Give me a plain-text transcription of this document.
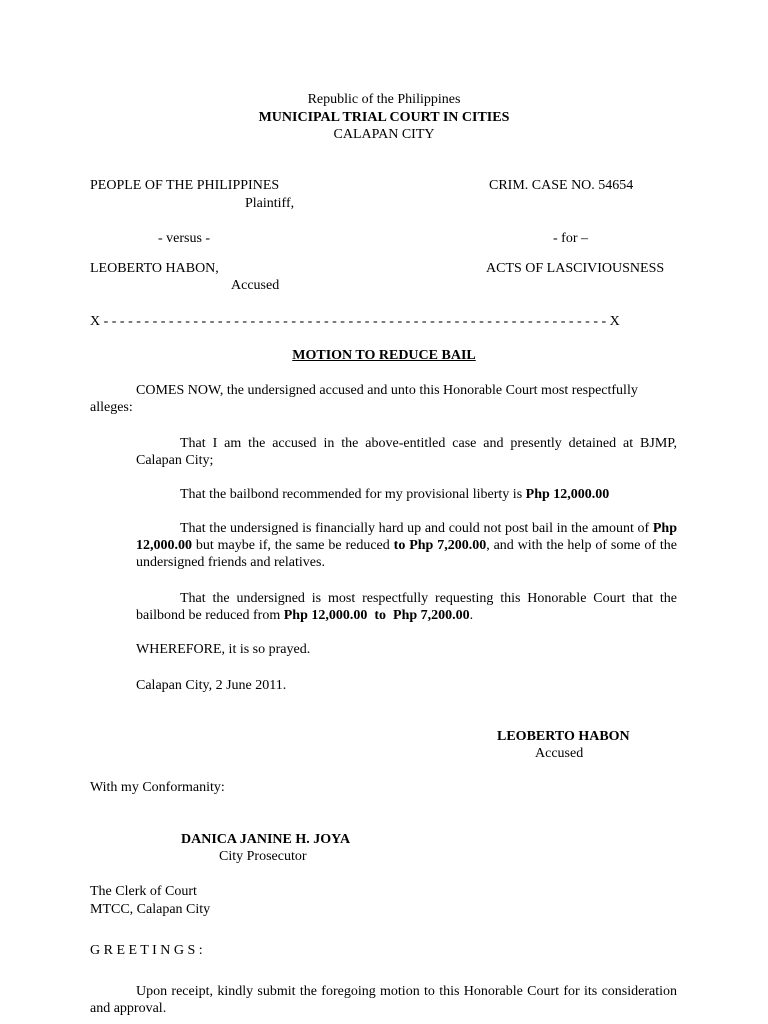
Republic of the Philippines
MUNICIPAL TRIAL COURT IN CITIES
CALAPAN CITY
PEOPLE OF THE PHILIPPINES
Plaintiff,
CRIM. CASE NO. 54654
- versus -	- for –
LEOBERTO HABON,
Accused
ACTS OF LASCIVIOUSNESS
X - - - - - - - - - - - - - - - - - - - - - - - - - - - - - - - - - - - - - - - - - - - - - - - - - - - - - - - - - - - - - - X
MOTION TO REDUCE BAIL
COMES NOW, the undersigned accused and unto this Honorable Court most respectfully
alleges:
That I am the accused in the above-entitled case and presently detained at BJMP, Calapan City;
That the bailbond recommended for my provisional liberty is Php 12,000.00
That the undersigned is financially hard up and could not post bail in the amount of Php 12,000.00 but maybe if, the same be reduced to Php 7,200.00, and with the help of some of the undersigned friends and relatives.
That the undersigned is most respectfully requesting this Honorable Court that the bailbond be reduced from Php 12,000.00  to  Php 7,200.00.
WHEREFORE, it is so prayed.
Calapan City, 2 June 2011.
LEOBERTO HABON
Accused
With my Conformanity:
DANICA JANINE H. JOYA
City Prosecutor
The Clerk of Court
MTCC, Calapan City
G R E E T I N G S :
Upon receipt, kindly submit the foregoing motion to this Honorable Court for its consideration and approval.
